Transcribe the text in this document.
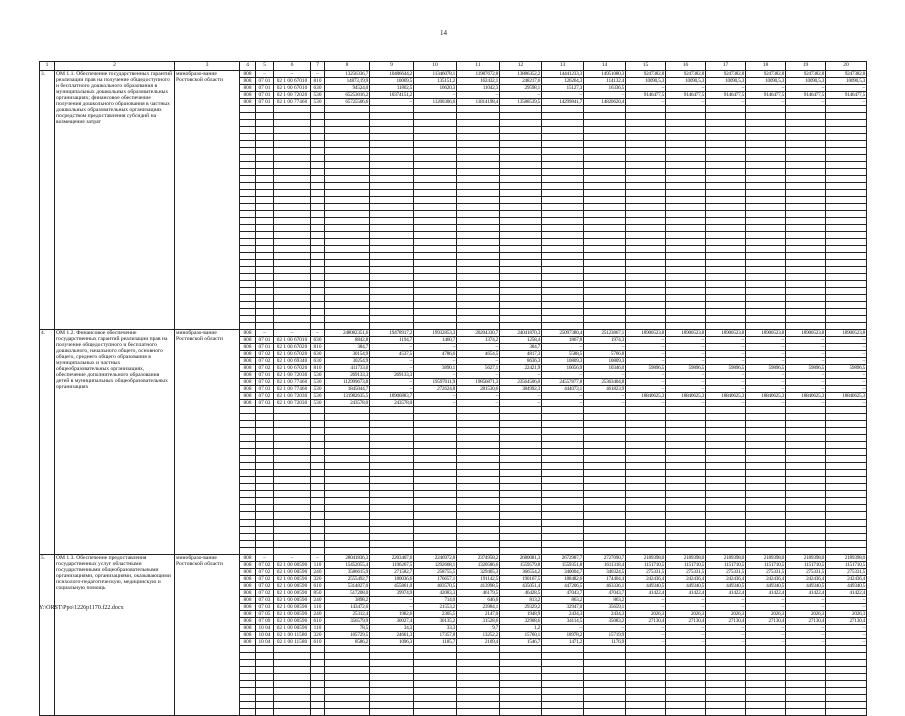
14
1	2	3	4	5	6	7	8	9	10	11	12	13	14	15	16	17	18	19	20
3.	ОМ 1.1. Обеспечение государственных гарантий реализации прав на получение общедоступного и бесплатного дошкольного образования в муниципальных дошкольных образовательных организациях; финансовое обеспечение получения дошкольного образования в частных дошкольных образовательных организациях посредством предоставления субсидий на возмещение затрат	минобразо-вание Ростовской области	808	–	–	–	13256336,7	10486644,2	11346078,1	11987672,8	13886352,2	14441233,3	14951080,3	9247382,8	9247382,8	9247382,8	9247382,8	9247382,8	9247382,8
			808	07 01	02 1 00 67010	810	14873,19,9	10069,5	135151,2	162432,1	248217,6	126264,3	114132,4	10090,5,3	10090,5,3	10090,5,3	10090,5,3	10090,5,3	10090,5,3
			808	07 01	02 1 00 67010	630	94524,0	11802,5	10620,3	11042,3	29598,1	15127,3	16336,5	–	–	–	–	–	–
			808	07 01	02 1 00 72020	530	65253016,2	10374151,2	–	–	–	–	–	9146477,5	9146477,5	9146477,5	9146477,5	9146477,5	9146477,5
			808	07 01	02 1 00 77460	530	65725506,6	–	11200306,6	11814198,4	13588539,5	14299841,7	14820620,4	–	–	–	–	–	–

4.	ОМ 1.2. Финансовое обеспечение государственных гарантий реализации прав на получение общедоступного и бесплатного дошкольного, начального общего, основного общего, среднего общего образования в муниципальных и частных общеобразовательных организациях, обеспечение дополнительного образования детей в муниципальных общеобразовательных организациях	минобразо-вание Ростовской области	808	–	–	–	248082351,6	19478917,2	19932853,3	20204330,7	24041870,3	25097380,4	25123867,1	18900523,8	18900523,8	18900523,8	18900523,8	18900523,8	18900523,8
			808	07 01	02 1 00 67010	630	8842,8	1194,7	1460,7	1374,2	1258,4	1867,8	1974,3	–	–	–	–	–	–
			808	07 01	02 1 00 67020	810	384,7	–	–	–	384,7	–	–	–	–	–	–	–	–
			808	07 02	02 1 00 67020	630	30154,9	4537,5	4786,6	4654,5	4817,3	5588,5	5766,8	–	–	–	–	–	–
			808	07 02	02 1 00 69340	630	30254,9	–	–	–	8636,3	10809,3	10809,3	–	–	–	–	–	–
			808	07 02	02 1 00 67020	810	411733,0	–	3890,1	5627,1	22421,9	10056,9	10346,0	59896,5	59896,5	59896,5	59896,5	59896,5	59896,5
			808	07 01	02 1 00 72030	530	269133,3	269133,3	–	–	–	–	–	–	–	–	–	–	–
			808	07 02	02 1 00 77460	530	112999673,8	–	19597011,9	19856871,3	23564506,0	24557877,8	25363404,8	–	–	–	–	–	–
			808	07 03	02 1 00 77460	530	1845044,7	–	272624,8	281530,6	384992,3	444073,1	461823,9	–	–	–	–	–	–
			808	07 02	02 1 00 72030	530	131982635,5	18906883,7	–	–	–	–	–	18840625,3	18840625,3	18840625,3	18840625,3	18840625,3	18840625,3
			808	07 03	02 1 00 72030	530	243578,0	243578,0	–	–	–	–	–	–	–	–	–	–	–

5.	ОМ 1.3. Обеспечение предоставления государственных услуг областными государственными общеобразовательными организациями, организациями, оказывающими психолого-педагогическую, медицинскую и социальную помощь	минобразо-вание Ростовской области	808	–	–	–	28041836,3	2203407,6	2246972,8	2374958,2	2680081,3	2672987,7	2727090,7	2189398,0	2189398,0	2189398,0	2189398,0	2189398,0	2189398,0
			808	07 02	02 1 00 00590	110	15452055,4	1196267,5	1292668,1	1320586,6	1559579,8	1559351,8	1611318,4	1151710,5	1151710,5	1151710,5	1151710,5	1151710,5	1151710,5
			808	07 02	02 1 00 00590	240	3586615,9	271582,7	258755,5	329405,3	366554,2	340004,7	340324,5	275331,5	275331,5	275331,5	275331,5	275331,5	275331,5
			808	07 02	02 1 00 00590	320	2555492,7	180036,6	176657,1	191142,5	190167,5	188482,6	174404,4	242436,4	242436,4	242436,4	242436,4	242436,4	242436,4
			808	07 02	02 1 00 00590	610	5314827,0	455861,0	403570,5	413998,5	435051,4	447206,5	463336,1	449340,5	449340,5	449340,5	449340,5	449340,5	449340,5
			808	07 02	02 1 00 00590	850	517208,0	39974,9	42083,3	46179,5	46428,5	47043,7	47043,7	41422,4	41422,4	41422,4	41422,4	41422,4	41422,4
			808	07 03	02 1 00 00590	240	3898,2	–	714,0	646,6	813,2	863,2	863,2	–	–	–	–	–	–
			808	07 03	02 1 00 00590	110	143472,6	–	21553,2	23984,1	29329,2	32947,0	35659,1	–	–	–	–	–	–
			808	07 05	02 1 00 00590	240	25312,4	1982,6	2305,5	2147,0	1948,9	2434,3	2434,3	2026,3	2026,3	2026,3	2026,3	2026,3	2026,3
			808	07 09	02 1 00 00590	610	356579,9	30027,4	30135,2	31528,6	32908,6	34114,5	35083,2	27130,4	27130,4	27130,4	27130,4	27130,4	27130,4
			808	10 04	02 1 00 00590	110	78,5	34,3	33,3	9,7	1,2	–	–	–	–	–	–	–	–
			808	10 04	02 1 00 11580	320	105729,5	24661,3	17357,8	13252,2	15760,1	18978,2	15719,9	–	–	–	–	–	–
			808	10 04	02 1 00 11580	610	8586,2	1096,3	1185,7	2109,4	1546,7	1471,2	1176,9	–	–	–	–	–	–

Y:\ORST\Ppo\1226p1170.f22.docx
